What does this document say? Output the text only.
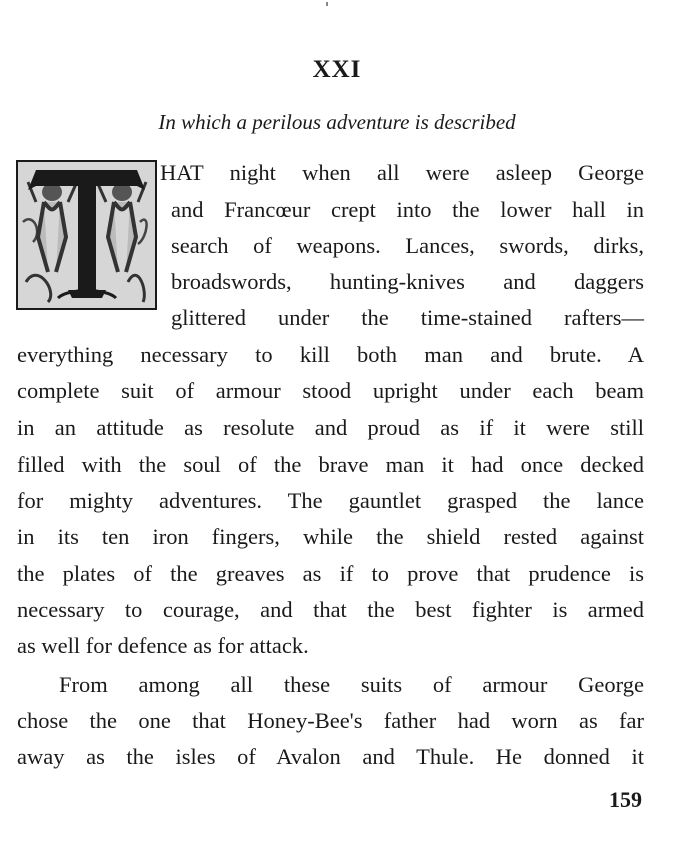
XXI
In which a perilous adventure is described
HAT night when all were asleep George
and Francœur crept into the lower hall in
search of weapons. Lances, swords, dirks,
broadswords, hunting-knives and daggers
glittered under the time-stained rafters—
everything necessary to kill both man and brute. A
complete suit of armour stood upright under each beam
in an attitude as resolute and proud as if it were still
filled with the soul of the brave man it had once decked
for mighty adventures. The gauntlet grasped the lance
in its ten iron fingers, while the shield rested against
the plates of the greaves as if to prove that prudence is
necessary to courage, and that the best fighter is armed
as well for defence as for attack.
From among all these suits of armour George
chose the one that Honey-Bee's father had worn as far
away as the isles of Avalon and Thule. He donned it
159
